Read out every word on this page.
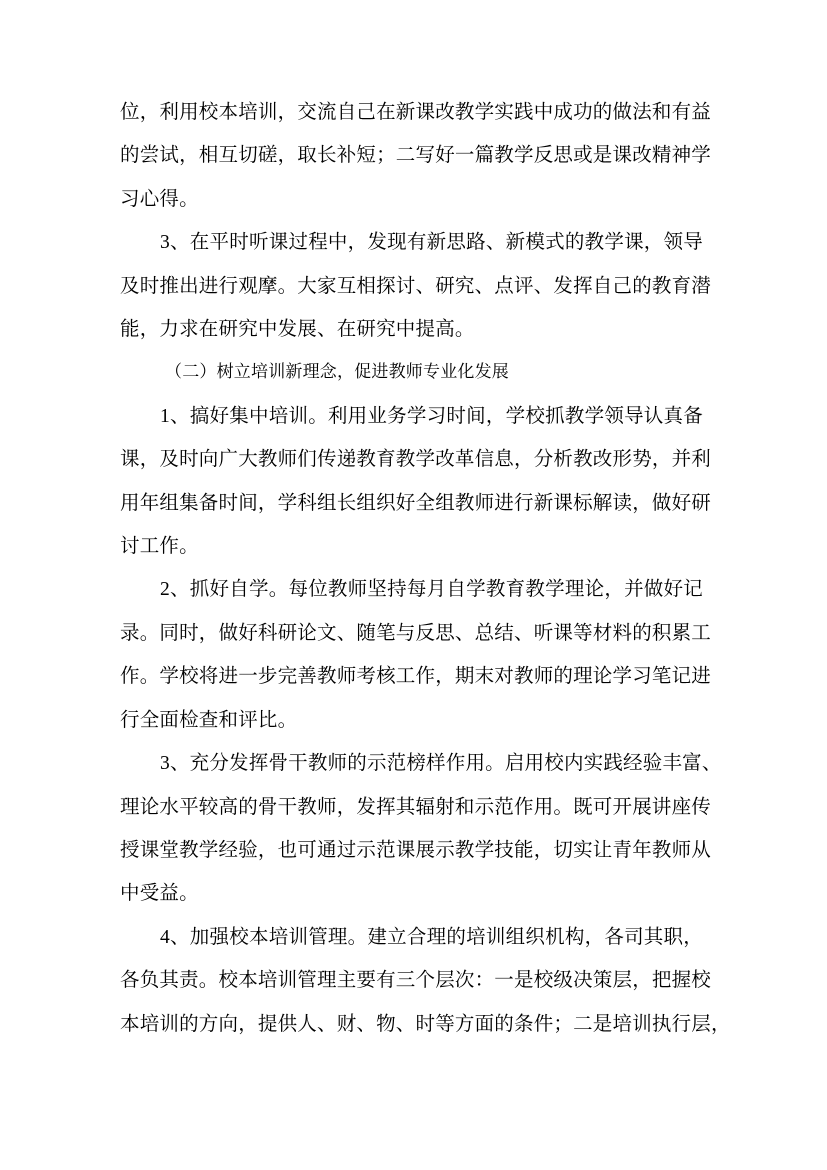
位，利用校本培训，交流自己在新课改教学实践中成功的做法和有益
的尝试，相互切磋，取长补短；二写好一篇教学反思或是课改精神学
习心得。
3、在平时听课过程中，发现有新思路、新模式的教学课，领导
及时推出进行观摩。大家互相探讨、研究、点评、发挥自己的教育潜
能，力求在研究中发展、在研究中提高。
（二）树立培训新理念，促进教师专业化发展
1、搞好集中培训。利用业务学习时间，学校抓教学领导认真备
课，及时向广大教师们传递教育教学改革信息，分析教改形势，并利
用年组集备时间，学科组长组织好全组教师进行新课标解读，做好研
讨工作。
2、抓好自学。每位教师坚持每月自学教育教学理论，并做好记
录。同时，做好科研论文、随笔与反思、总结、听课等材料的积累工
作。学校将进一步完善教师考核工作，期末对教师的理论学习笔记进
行全面检查和评比。
3、充分发挥骨干教师的示范榜样作用。启用校内实践经验丰富、
理论水平较高的骨干教师，发挥其辐射和示范作用。既可开展讲座传
授课堂教学经验，也可通过示范课展示教学技能，切实让青年教师从
中受益。
4、加强校本培训管理。建立合理的培训组织机构，各司其职，
各负其责。校本培训管理主要有三个层次：一是校级决策层，把握校
本培训的方向，提供人、财、物、时等方面的条件；二是培训执行层，
